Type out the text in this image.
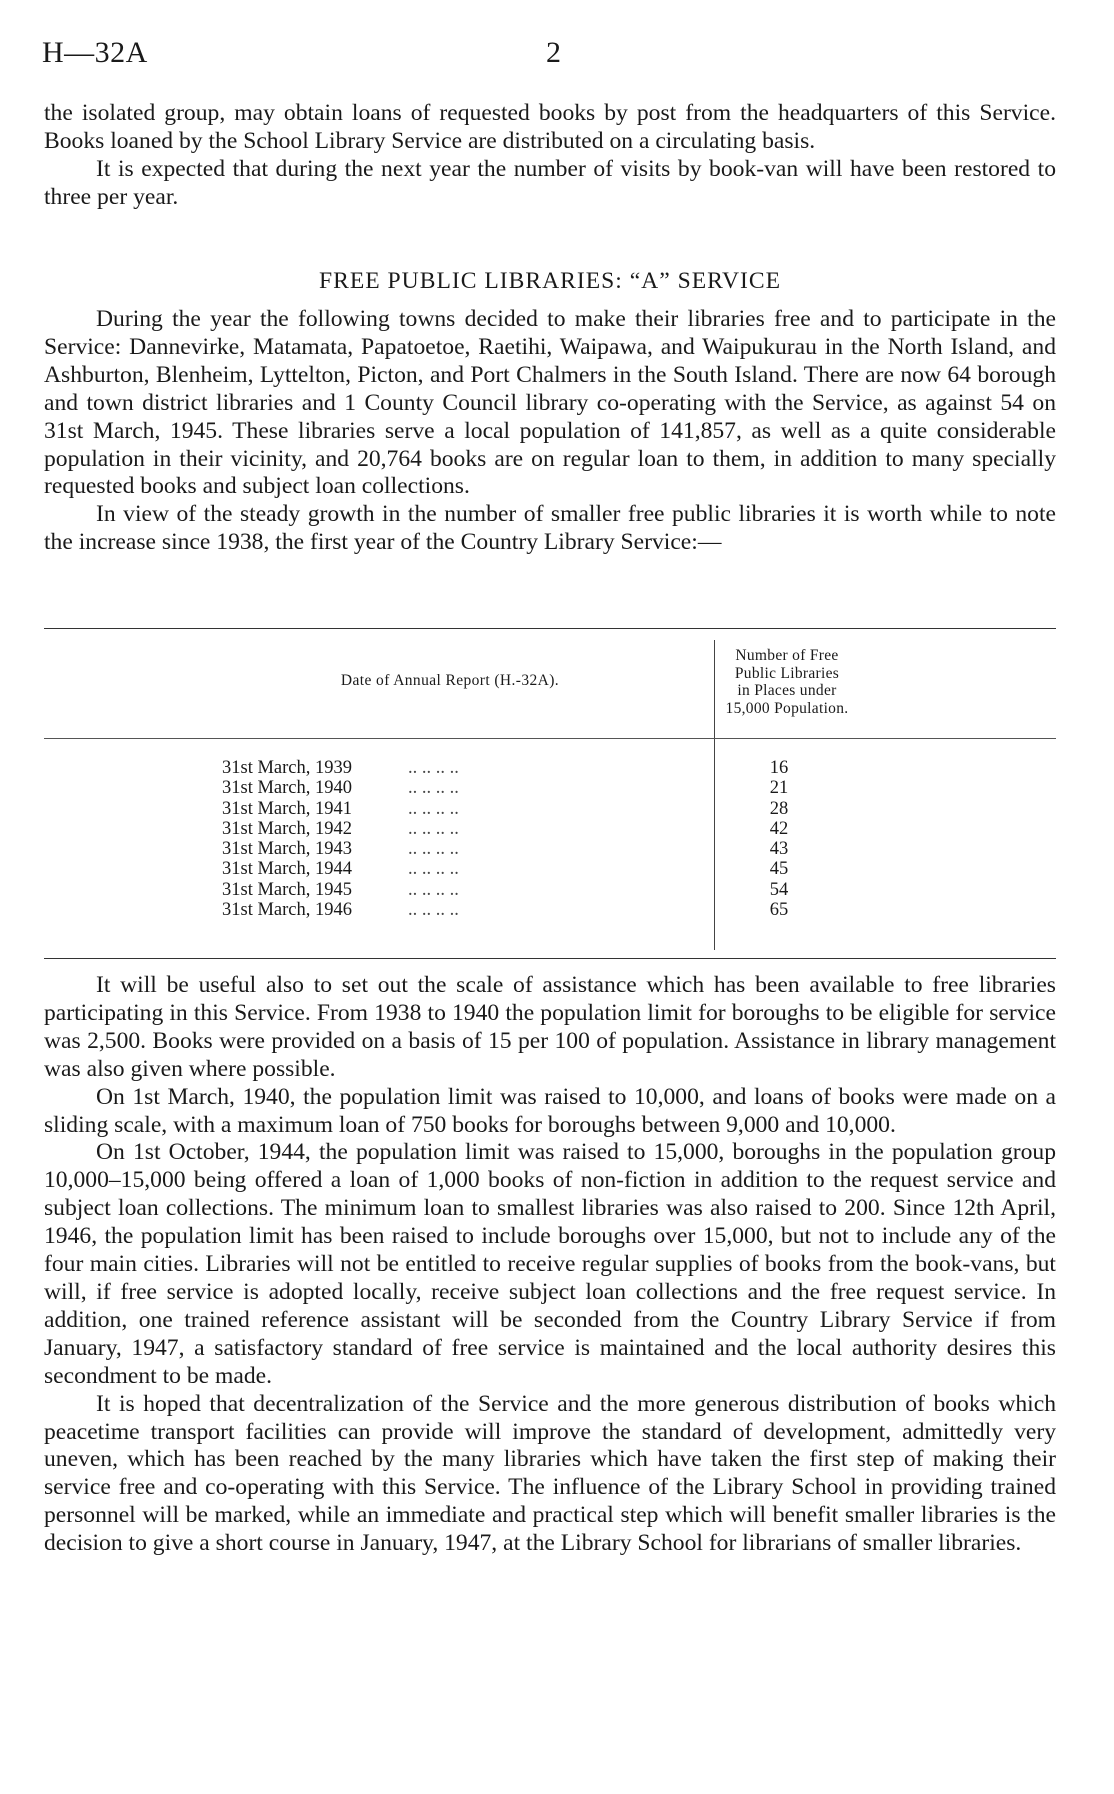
H—32A	2

the isolated group, may obtain loans of requested books by post from the headquarters of this Service. Books loaned by the School Library Service are distributed on a circulating basis.

It is expected that during the next year the number of visits by book-van will have been restored to three per year.

FREE PUBLIC LIBRARIES: “A” SERVICE

During the year the following towns decided to make their libraries free and to participate in the Service: Dannevirke, Matamata, Papatoetoe, Raetihi, Waipawa, and Waipukurau in the North Island, and Ashburton, Blenheim, Lyttelton, Picton, and Port Chalmers in the South Island. There are now 64 borough and town district libraries and 1 County Council library co-operating with the Service, as against 54 on 31st March, 1945. These libraries serve a local population of 141,857, as well as a quite considerable population in their vicinity, and 20,764 books are on regular loan to them, in addition to many specially requested books and subject loan collections.

In view of the steady growth in the number of smaller free public libraries it is worth while to note the increase since 1938, the first year of the Country Library Service:—

Date of Annual Report (H.-32A).
Number of Free
Public Libraries
in Places under
15,000 Population.
31st March, 1939	.. .. .. ..	16
31st March, 1940	.. .. .. ..	21
31st March, 1941	.. .. .. ..	28
31st March, 1942	.. .. .. ..	42
31st March, 1943	.. .. .. ..	43
31st March, 1944	.. .. .. ..	45
31st March, 1945	.. .. .. ..	54
31st March, 1946	.. .. .. ..	65

It will be useful also to set out the scale of assistance which has been available to free libraries participating in this Service. From 1938 to 1940 the population limit for boroughs to be eligible for service was 2,500. Books were provided on a basis of 15 per 100 of population. Assistance in library management was also given where possible.

On 1st March, 1940, the population limit was raised to 10,000, and loans of books were made on a sliding scale, with a maximum loan of 750 books for boroughs between 9,000 and 10,000.

On 1st October, 1944, the population limit was raised to 15,000, boroughs in the population group 10,000–15,000 being offered a loan of 1,000 books of non-fiction in addition to the request service and subject loan collections. The minimum loan to smallest libraries was also raised to 200. Since 12th April, 1946, the population limit has been raised to include boroughs over 15,000, but not to include any of the four main cities. Libraries will not be entitled to receive regular supplies of books from the book-vans, but will, if free service is adopted locally, receive subject loan collections and the free request service. In addition, one trained reference assistant will be seconded from the Country Library Service if from January, 1947, a satisfactory standard of free service is maintained and the local authority desires this secondment to be made.

It is hoped that decentralization of the Service and the more generous distribution of books which peacetime transport facilities can provide will improve the standard of development, admittedly very uneven, which has been reached by the many libraries which have taken the first step of making their service free and co-operating with this Service. The influence of the Library School in providing trained personnel will be marked, while an immediate and practical step which will benefit smaller libraries is the decision to give a short course in January, 1947, at the Library School for librarians of smaller libraries.
